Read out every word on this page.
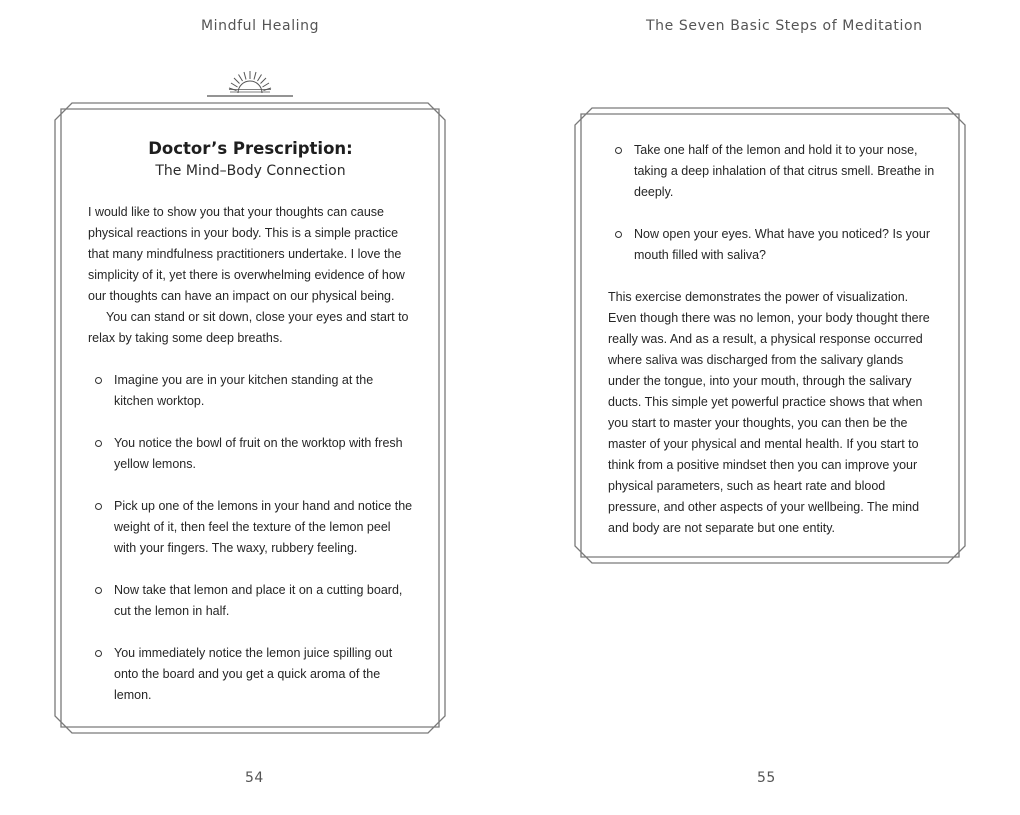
Mindful Healing	The Seven Basic Steps of Meditation
Doctor’s Prescription:
The Mind–Body Connection

I would like to show you that your thoughts can cause physical reactions in your body. This is a simple practice that many mindfulness practitioners undertake. I love the simplicity of it, yet there is overwhelming evidence of how our thoughts can have an impact on our physical being.

You can stand or sit down, close your eyes and start to relax by taking some deep breaths.

Imagine you are in your kitchen standing at the kitchen worktop.
You notice the bowl of fruit on the worktop with fresh yellow lemons.
Pick up one of the lemons in your hand and notice the weight of it, then feel the texture of the lemon peel with your fingers. The waxy, rubbery feeling.
Now take that lemon and place it on a cutting board, cut the lemon in half.
You immediately notice the lemon juice spilling out onto the board and you get a quick aroma of the lemon.
Take one half of the lemon and hold it to your nose, taking a deep inhalation of that citrus smell. Breathe in deeply.
Now open your eyes. What have you noticed? Is your mouth filled with saliva?

This exercise demonstrates the power of visualization. Even though there was no lemon, your body thought there really was. And as a result, a physical response occurred where saliva was discharged from the salivary glands under the tongue, into your mouth, through the salivary ducts. This simple yet powerful practice shows that when you start to master your thoughts, you can then be the master of your physical and mental health. If you start to think from a positive mindset then you can improve your physical parameters, such as heart rate and blood pressure, and other aspects of your wellbeing. The mind and body are not separate but one entity.

54	55
